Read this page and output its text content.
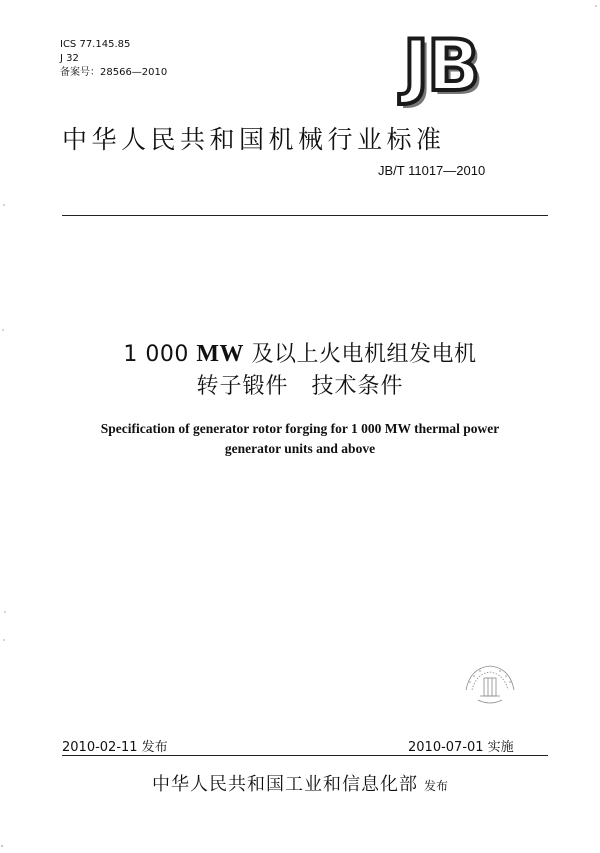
ICS 77.145.85
J 32
备案号：28566—2010	JB
中华人民共和国机械行业标准
JB/T 11017—2010
1 000 MW 及以上火电机组发电机
转子锻件　技术条件
Specification of generator rotor forging for 1 000 MW thermal power
generator units and above
2010-02-11 发布	2010-07-01 实施
中华人民共和国工业和信息化部 发布
